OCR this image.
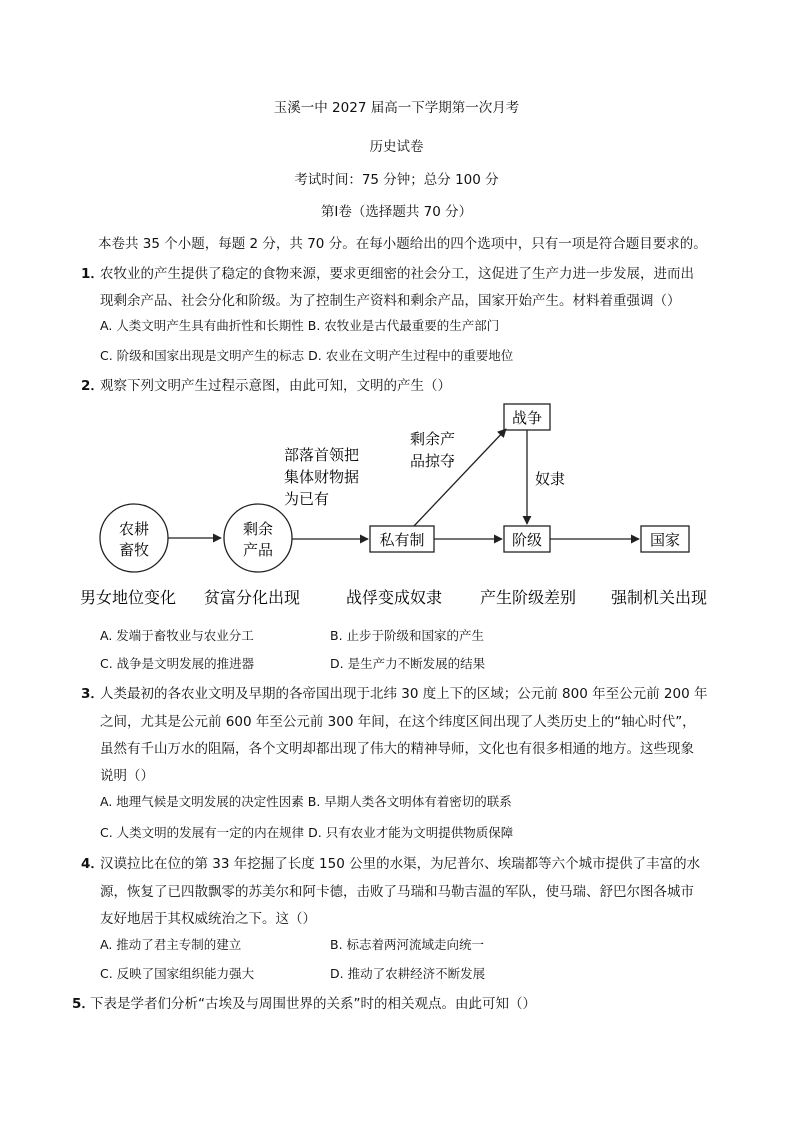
玉溪一中 2027 届高一下学期第一次月考
历史试卷
考试时间：75 分钟；总分 100 分
第Ⅰ卷（选择题共 70 分）
本卷共 35 个小题，每题 2 分，共 70 分。在每小题给出的四个选项中，只有一项是符合题目要求的。
1．
农牧业的产生提供了稳定的食物来源，要求更细密的社会分工，这促进了生产力进一步发展，进而出
现剩余产品、社会分化和阶级。为了控制生产资料和剩余产品，国家开始产生。材料着重强调（）
A. 人类文明产生具有曲折性和长期性 B. 农牧业是古代最重要的生产部门
C. 阶级和国家出现是文明产生的标志 D. 农业在文明产生过程中的重要地位
2．
观察下列文明产生过程示意图，由此可知，文明的产生（）
农耕
畜牧
剩余
产品
私有制
战争
阶级	国家
部落首领把
集体财物据
为已有
剩余产
品掠夺
奴隶
男女地位变化 贫富分化出现	战俘变成奴隶 产生阶级差别 强制机关出现
A. 发端于畜牧业与农业分工	B. 止步于阶级和国家的产生
C. 战争是文明发展的推进器	D. 是生产力不断发展的结果
3．
人类最初的各农业文明及早期的各帝国出现于北纬 30 度上下的区域；公元前 800 年至公元前 200 年
之间，尤其是公元前 600 年至公元前 300 年间，在这个纬度区间出现了人类历史上的“轴心时代”，
虽然有千山万水的阻隔，各个文明却都出现了伟大的精神导师，文化也有很多相通的地方。这些现象
说明（）
A. 地理气候是文明发展的决定性因素 B. 早期人类各文明体有着密切的联系
C. 人类文明的发展有一定的内在规律 D. 只有农业才能为文明提供物质保障
4．
汉谟拉比在位的第 33 年挖掘了长度 150 公里的水渠，为尼普尔、埃瑞都等六个城市提供了丰富的水
源，恢复了已四散飘零的苏美尔和阿卡德，击败了马瑞和马勒吉温的军队，使马瑞、舒巴尔图各城市
友好地居于其权威统治之下。这（）
A. 推动了君主专制的建立	B. 标志着两河流域走向统一
C. 反映了国家组织能力强大	D. 推动了农耕经济不断发展
5．
下表是学者们分析“古埃及与周围世界的关系”时的相关观点。由此可知（）
